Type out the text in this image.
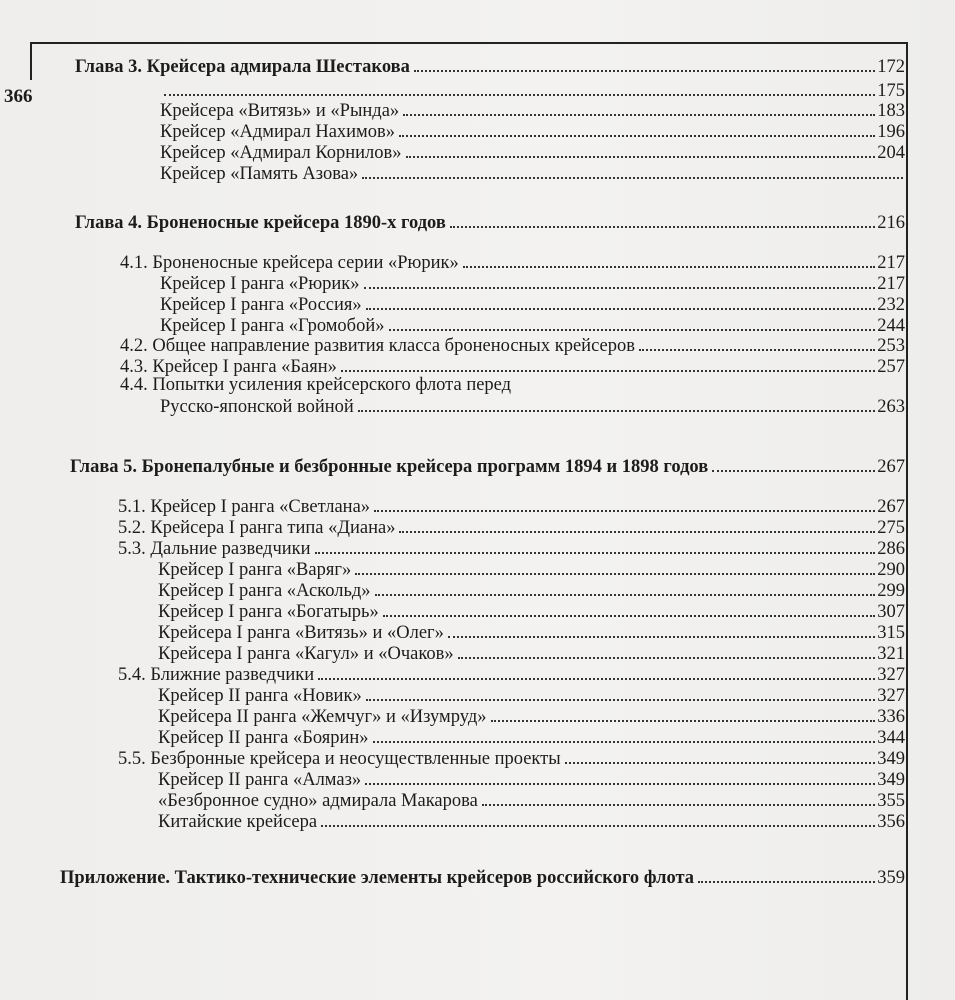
366
Глава 3. Крейсера адмирала Шестакова	172
175
Крейсера «Витязь» и «Рында»	183
Крейсер «Адмирал Нахимов»	196
Крейсер «Адмирал Корнилов»	204
Крейсер «Память Азова»
Глава 4. Броненосные крейсера 1890-х годов	216
4.1. Броненосные крейсера серии «Рюрик»	217
Крейсер I ранга «Рюрик»	217
Крейсер I ранга «Россия»	232
Крейсер I ранга «Громобой»	244
4.2. Общее направление развития класса броненосных крейсеров	253
4.3. Крейсер I ранга «Баян»	257
4.4. Попытки усиления крейсерского флота перед
Русско-японской войной	263
Глава 5. Бронепалубные и безбронные крейсера программ 1894 и 1898 годов	267
5.1. Крейсер I ранга «Светлана»	267
5.2. Крейсера I ранга типа «Диана»	275
5.3. Дальние разведчики	286
Крейсер I ранга «Варяг»	290
Крейсер I ранга «Аскольд»	299
Крейсер I ранга «Богатырь»	307
Крейсера I ранга «Витязь» и «Олег»	315
Крейсера I ранга «Кагул» и «Очаков»	321
5.4. Ближние разведчики	327
Крейсер II ранга «Новик»	327
Крейсера II ранга «Жемчуг» и «Изумруд»	336
Крейсер II ранга «Боярин»	344
5.5. Безбронные крейсера и неосуществленные проекты	349
Крейсер II ранга «Алмаз»	349
«Безбронное судно» адмирала Макарова	355
Китайские крейсера	356
Приложение. Тактико-технические элементы крейсеров российского флота	359
